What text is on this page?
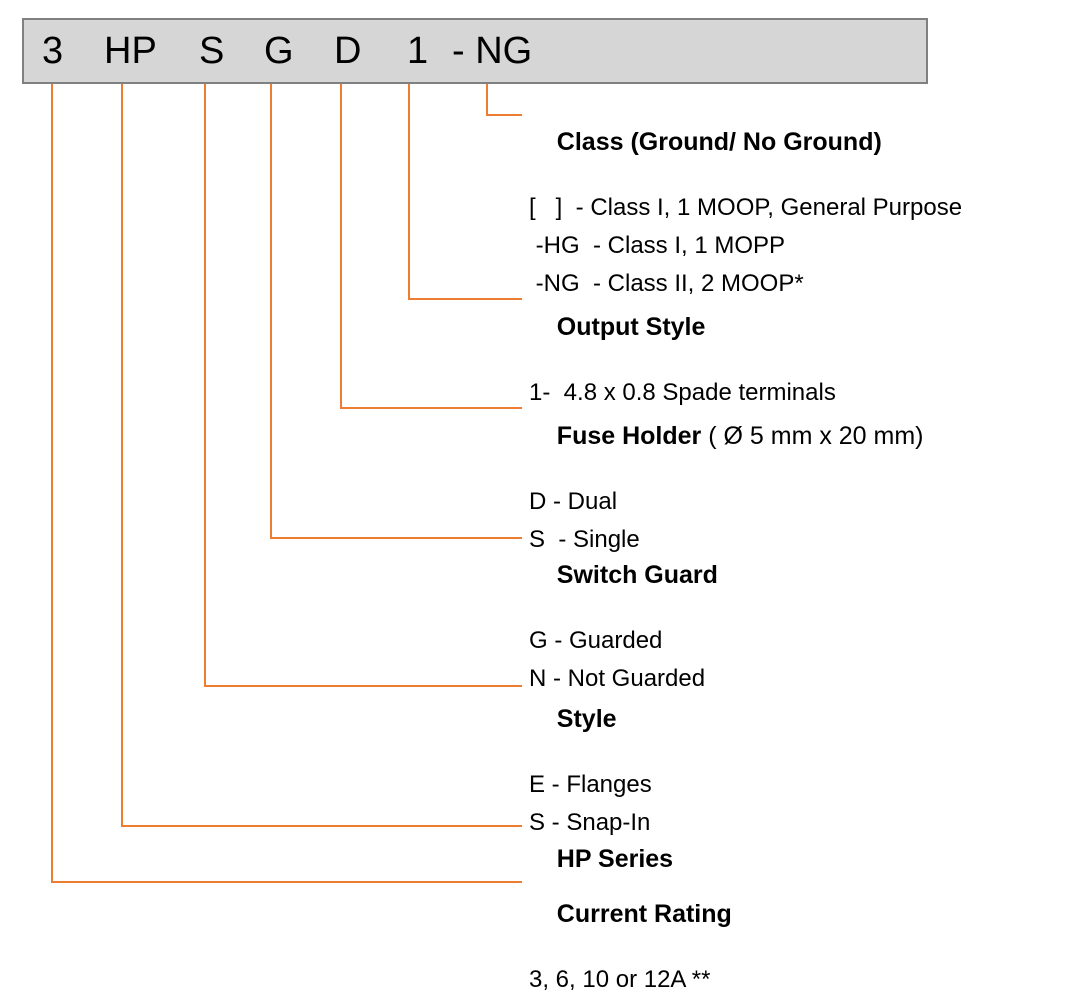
3 HP S G D 1 - NG

Class (Ground/ No Ground)

[   ]  - Class I, 1 MOOP, General Purpose
-HG  - Class I, 1 MOPP
-NG  - Class II, 2 MOOP*

Output Style

1-  4.8 x 0.8 Spade terminals

Fuse Holder ( Ø 5 mm x 20 mm)

D - Dual
S  - Single

Switch Guard

G - Guarded
N - Not Guarded

Style

E - Flanges
S - Snap-In

HP Series

Current Rating

3, 6, 10 or 12A **
